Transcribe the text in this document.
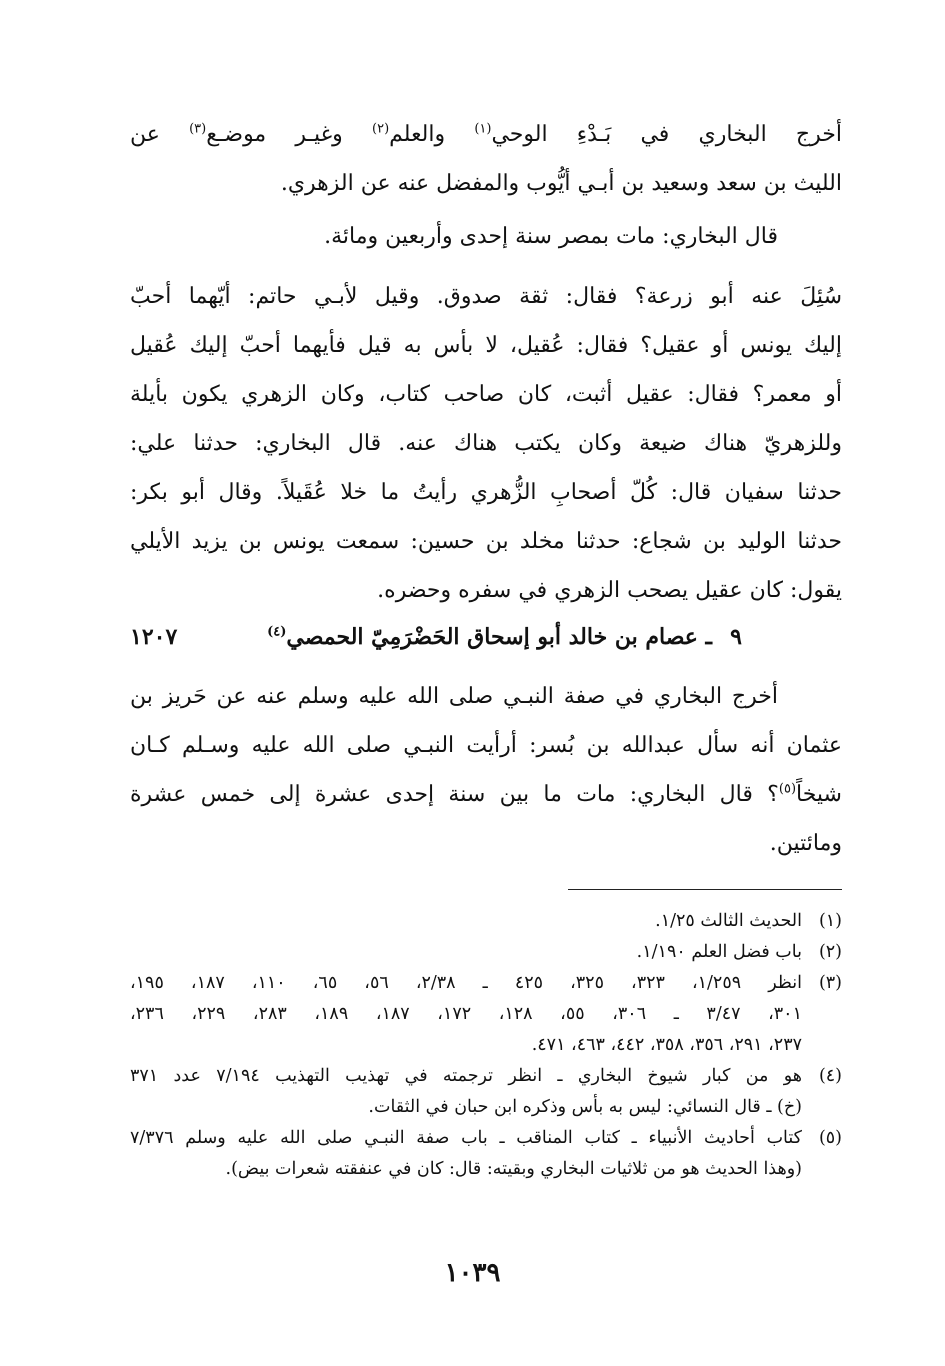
أخرج البخاري في بَـدْءِ الوحي$^{(١)}$ والعلم$^{(٢)}$ وغيـر موضـع$^{(٣)}$ عن
الليث بن سعد وسعيد بن أبـي أيُّوب والمفضل عنه عن الزهري.
قال البخاري: مات بمصر سنة إحدى وأربعين ومائة.
سُئِلَ عنه أبو زرعة؟ فقال: ثقة صدوق. وقيل لأبـي حاتم: أيّهما أحبّ
إليك يونس أو عقيل؟ فقال: عُقيل، لا بأس به قيل فأيهما أحبّ إليك عُقيل
أو معمر؟ فقال: عقيل أثبت، كان صاحب كتاب، وكان الزهري يكون بأيلة
وللزهريّ هناك ضيعة وكان يكتب هناك عنه. قال البخاري: حدثنا علي:
حدثنا سفيان قال: كُلّ أصحابِ الزُّهري رأيتُ ما خلا عُقَيلاً. وقال أبو بكر:
حدثنا الوليد بن شجاع: حدثنا مخلد بن حسين: سمعت يونس بن يزيد الأيلي
يقول: كان عقيل يصحب الزهري في سفره وحضره.
١٢٠٧	٩
ـ عصام بن خالد أبو إسحاق الحَضْرَمِيّ الحمصي$^{(٤)}$
أخرج البخاري في صفة النبـي صلى الله عليه وسلم عنه عن حَريز بن
عثمان أنه سأل عبدالله بن بُسر: أرأيت النبـي صلى الله عليه وسـلم كـان
شيخاً$^{(٥)}$؟ قال البخاري: مات ما بين سنة إحدى عشرة إلى خمس عشرة
ومائتين.
(١)
الحديث الثالث ١/٢٥.
(٢)
باب فضل العلم ١/١٩٠.
(٣)
انظر ١/٢٥٩، ٣٢٣، ٣٢٥، ٤٢٥ ـ ٢/٣٨، ٥٦، ٦٥، ١١٠، ١٨٧، ١٩٥،
٣٠١، ٣/٤٧ ـ ٣٠٦، ٥٥، ١٢٨، ١٧٢، ١٨٧، ١٨٩، ٢٨٣، ٢٢٩، ٢٣٦،
٢٣٧، ٢٩١، ٣٥٦، ٣٥٨، ٤٤٢، ٤٦٣، ٤٧١.
(٤)
هو من كبار شيوخ البخاري ـ انظر ترجمته في تهذيب التهذيب ٧/١٩٤ عدد ٣٧١
(خ) ـ قال النسائي: ليس به بأس وذكره ابن حبان في الثقات.
(٥)
كتاب أحاديث الأنبياء ـ كتاب المناقب ـ باب صفة النبـي صلى الله عليه وسلم ٧/٣٧٦
(وهذا الحديث هو من ثلاثيات البخاري وبقيته: قال: كان في عنفقته شعرات بيض).
١٠٣٩
